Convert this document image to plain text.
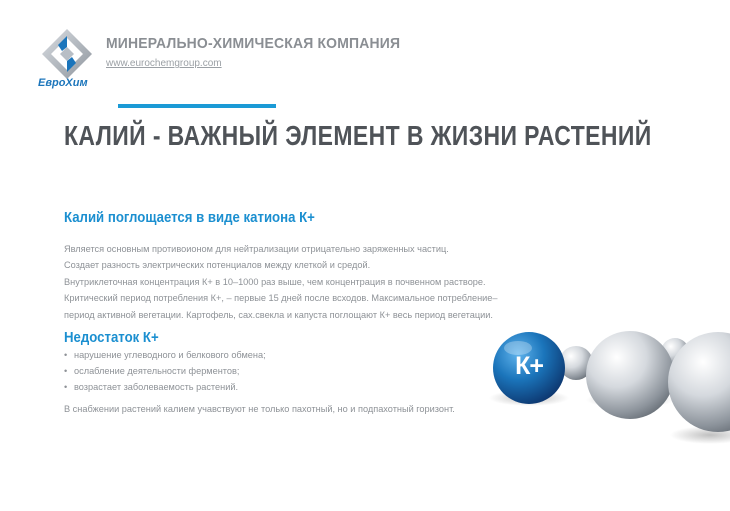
ЕвроХим
МИНЕРАЛЬНО-ХИМИЧЕСКАЯ КОМПАНИЯ
www.eurochemgroup.com
КАЛИЙ - ВАЖНЫЙ ЭЛЕМЕНТ В ЖИЗНИ РАСТЕНИЙ
Калий поглощается в виде катиона К+
Является основным противоионом для нейтрализации отрицательно заряженных частиц.
Создает разность электрических потенциалов между клеткой и средой.
Внутриклеточная концентрация К+ в 10–1000 раз выше, чем концентрация в почвенном растворе.
Критический период потребления К+, – первые 15 дней после всходов. Максимальное потребление–
период активной вегетации. Картофель, сах.свекла и капуста поглощают К+ весь период вегетации.
Недостаток К+
• нарушение углеводного и белкового обмена;
• ослабление деятельности ферментов;
• возрастает заболеваемость растений.
В снабжении растений калием учавствуют не только пахотный, но и подпахотный горизонт.
К+
